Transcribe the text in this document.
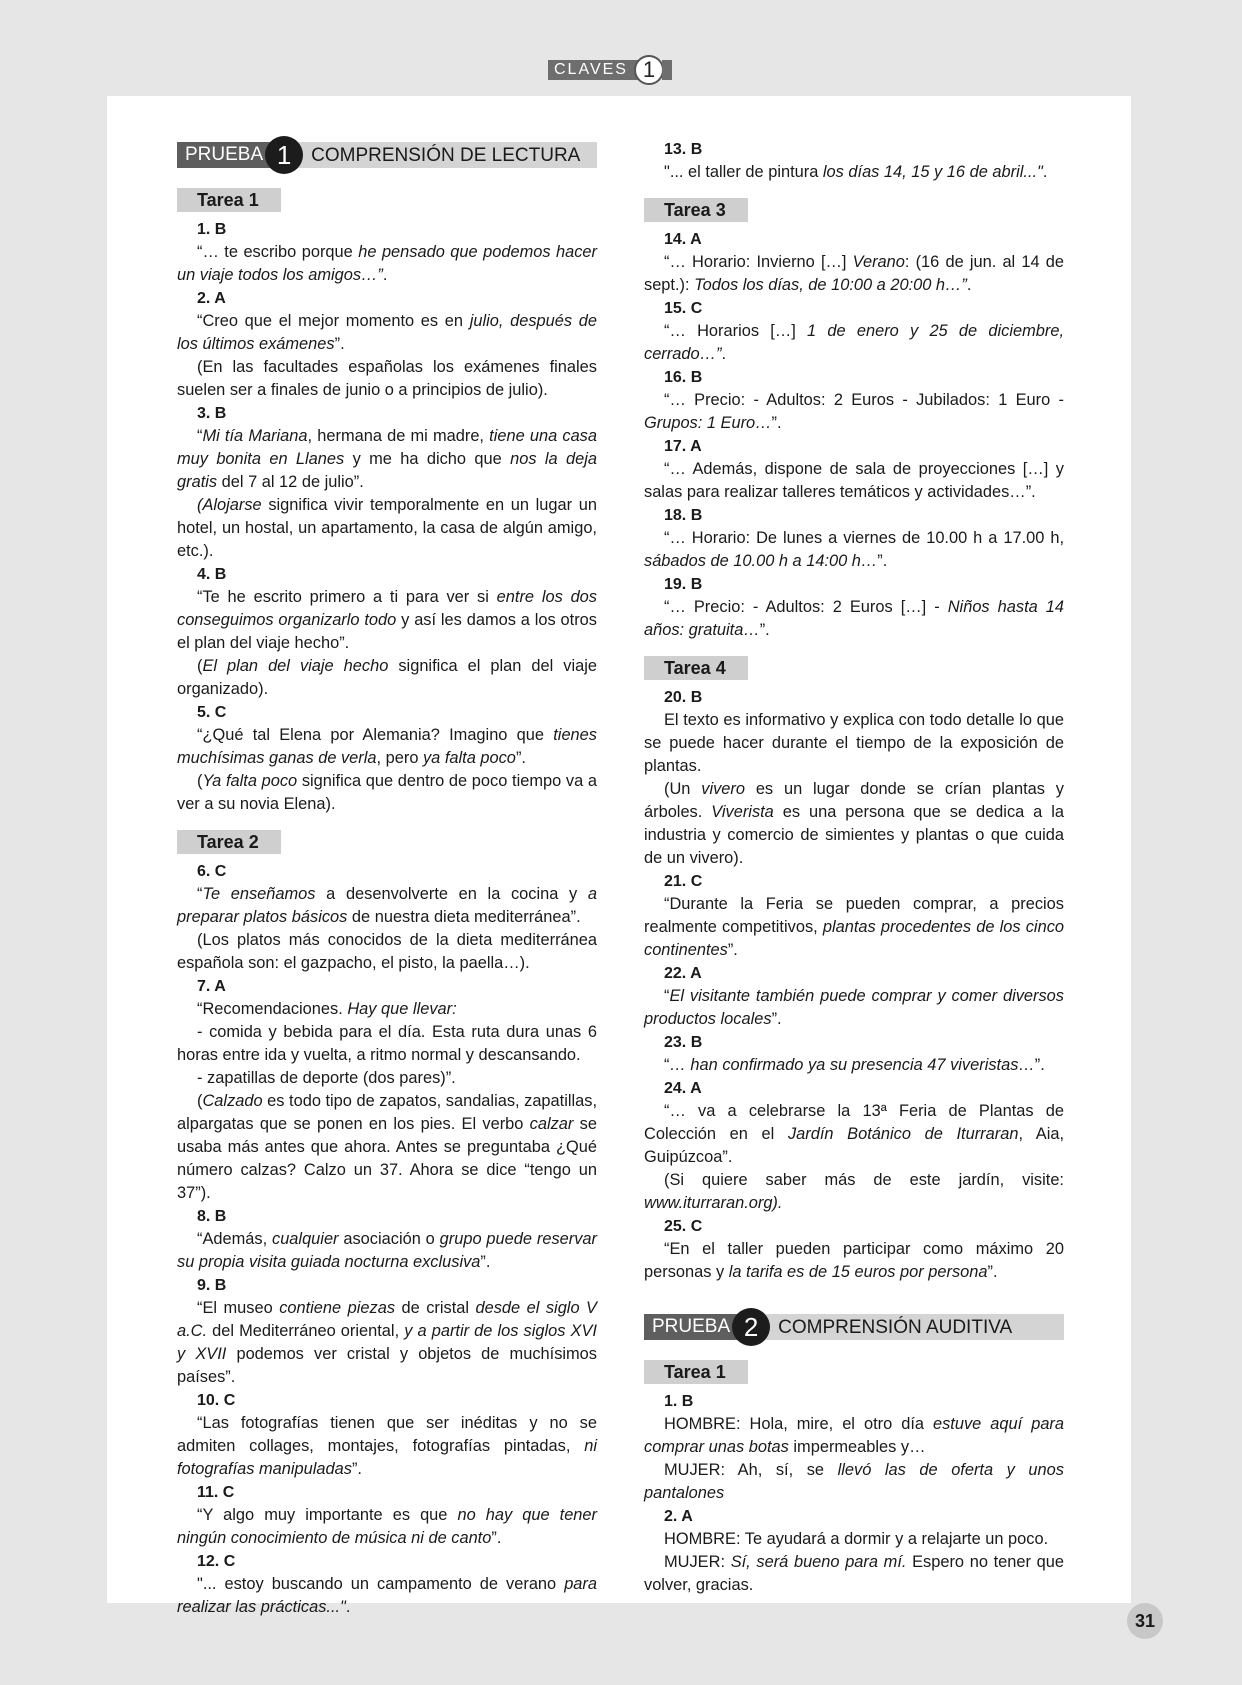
CLAVES 1
PRUEBA 1	COMPRENSIÓN DE LECTURA
Tarea 1
1. B

“… te escribo porque he pensado que podemos hacer un viaje todos los amigos…”.

2. A

“Creo que el mejor momento es en julio, después de los últimos exámenes”.

(En las facultades españolas los exámenes finales suelen ser a finales de junio o a principios de julio).

3. B

“Mi tía Mariana, hermana de mi madre, tiene una casa muy bonita en Llanes y me ha dicho que nos la deja gratis del 7 al 12 de julio”.

(Alojarse significa vivir temporalmente en un lugar un hotel, un hostal, un apartamento, la casa de algún amigo, etc.).

4. B

“Te he escrito primero a ti para ver si entre los dos conseguimos organizarlo todo y así les damos a los otros el plan del viaje hecho”.

(El plan del viaje hecho significa el plan del viaje organizado).

5. C

“¿Qué tal Elena por Alemania? Imagino que tienes muchísimas ganas de verla, pero ya falta poco”.

(Ya falta poco significa que dentro de poco tiempo va a ver a su novia Elena).

Tarea 2
6. C

“Te enseñamos a desenvolverte en la cocina y a preparar platos básicos de nuestra dieta mediterránea”.

(Los platos más conocidos de la dieta mediterránea española son: el gazpacho, el pisto, la paella…).

7. A

“Recomendaciones. Hay que llevar:

- comida y bebida para el día. Esta ruta dura unas 6 horas entre ida y vuelta, a ritmo normal y descansando.

- zapatillas de deporte (dos pares)”.

(Calzado es todo tipo de zapatos, sandalias, zapatillas, alpargatas que se ponen en los pies. El verbo calzar se usaba más antes que ahora. Antes se preguntaba ¿Qué número calzas? Calzo un 37. Ahora se dice “tengo un 37”).

8. B

“Además, cualquier asociación o grupo puede reservar su propia visita guiada nocturna exclusiva”.

9. B

“El museo contiene piezas de cristal desde el siglo V a.C. del Mediterráneo oriental, y a partir de los siglos XVI y XVII podemos ver cristal y objetos de muchísimos países”.

10. C

“Las fotografías tienen que ser inéditas y no se admiten collages, montajes, fotografías pintadas, ni fotografías manipuladas”.

11. C

“Y algo muy importante es que no hay que tener ningún conocimiento de música ni de canto”.

12. C

"... estoy buscando un campamento de verano para realizar las prácticas...".

13. B

"... el taller de pintura los días 14, 15 y 16 de abril...".

Tarea 3
14. A

“… Horario: Invierno […] Verano: (16 de jun. al 14 de sept.): Todos los días, de 10:00 a 20:00 h…”.

15. C

“… Horarios […] 1 de enero y 25 de diciembre, cerrado…”.

16. B

“… Precio: - Adultos: 2 Euros - Jubilados: 1 Euro - Grupos: 1 Euro…”.

17. A

“… Además, dispone de sala de proyecciones […] y salas para realizar talleres temáticos y actividades…”.

18. B

“… Horario: De lunes a viernes de 10.00 h a 17.00 h, sábados de 10.00 h a 14:00 h…”.

19. B

“… Precio: - Adultos: 2 Euros […] - Niños hasta 14 años: gratuita…”.

Tarea 4
20. B

El texto es informativo y explica con todo detalle lo que se puede hacer durante el tiempo de la exposición de plantas.

(Un vivero es un lugar donde se crían plantas y árboles. Viverista es una persona que se dedica a la industria y comercio de simientes y plantas o que cuida de un vivero).

21. C

“Durante la Feria se pueden comprar, a precios realmente competitivos, plantas procedentes de los cinco continentes”.

22. A

“El visitante también puede comprar y comer diversos productos locales”.

23. B

“… han confirmado ya su presencia 47 viveristas…”.

24. A

“… va a celebrarse la 13ª Feria de Plantas de Colección en el Jardín Botánico de Iturraran, Aia, Guipúzcoa”.

(Si quiere saber más de este jardín, visite: www.iturraran.org).

25. C

“En el taller pueden participar como máximo 20 personas y la tarifa es de 15 euros por persona”.

PRUEBA 2	COMPRENSIÓN AUDITIVA
Tarea 1
1. B

HOMBRE: Hola, mire, el otro día estuve aquí para comprar unas botas impermeables y…

MUJER: Ah, sí, se llevó las de oferta y unos pantalones

2. A

HOMBRE: Te ayudará a dormir y a relajarte un poco.

MUJER: Sí, será bueno para mí. Espero no tener que volver, gracias.

31
